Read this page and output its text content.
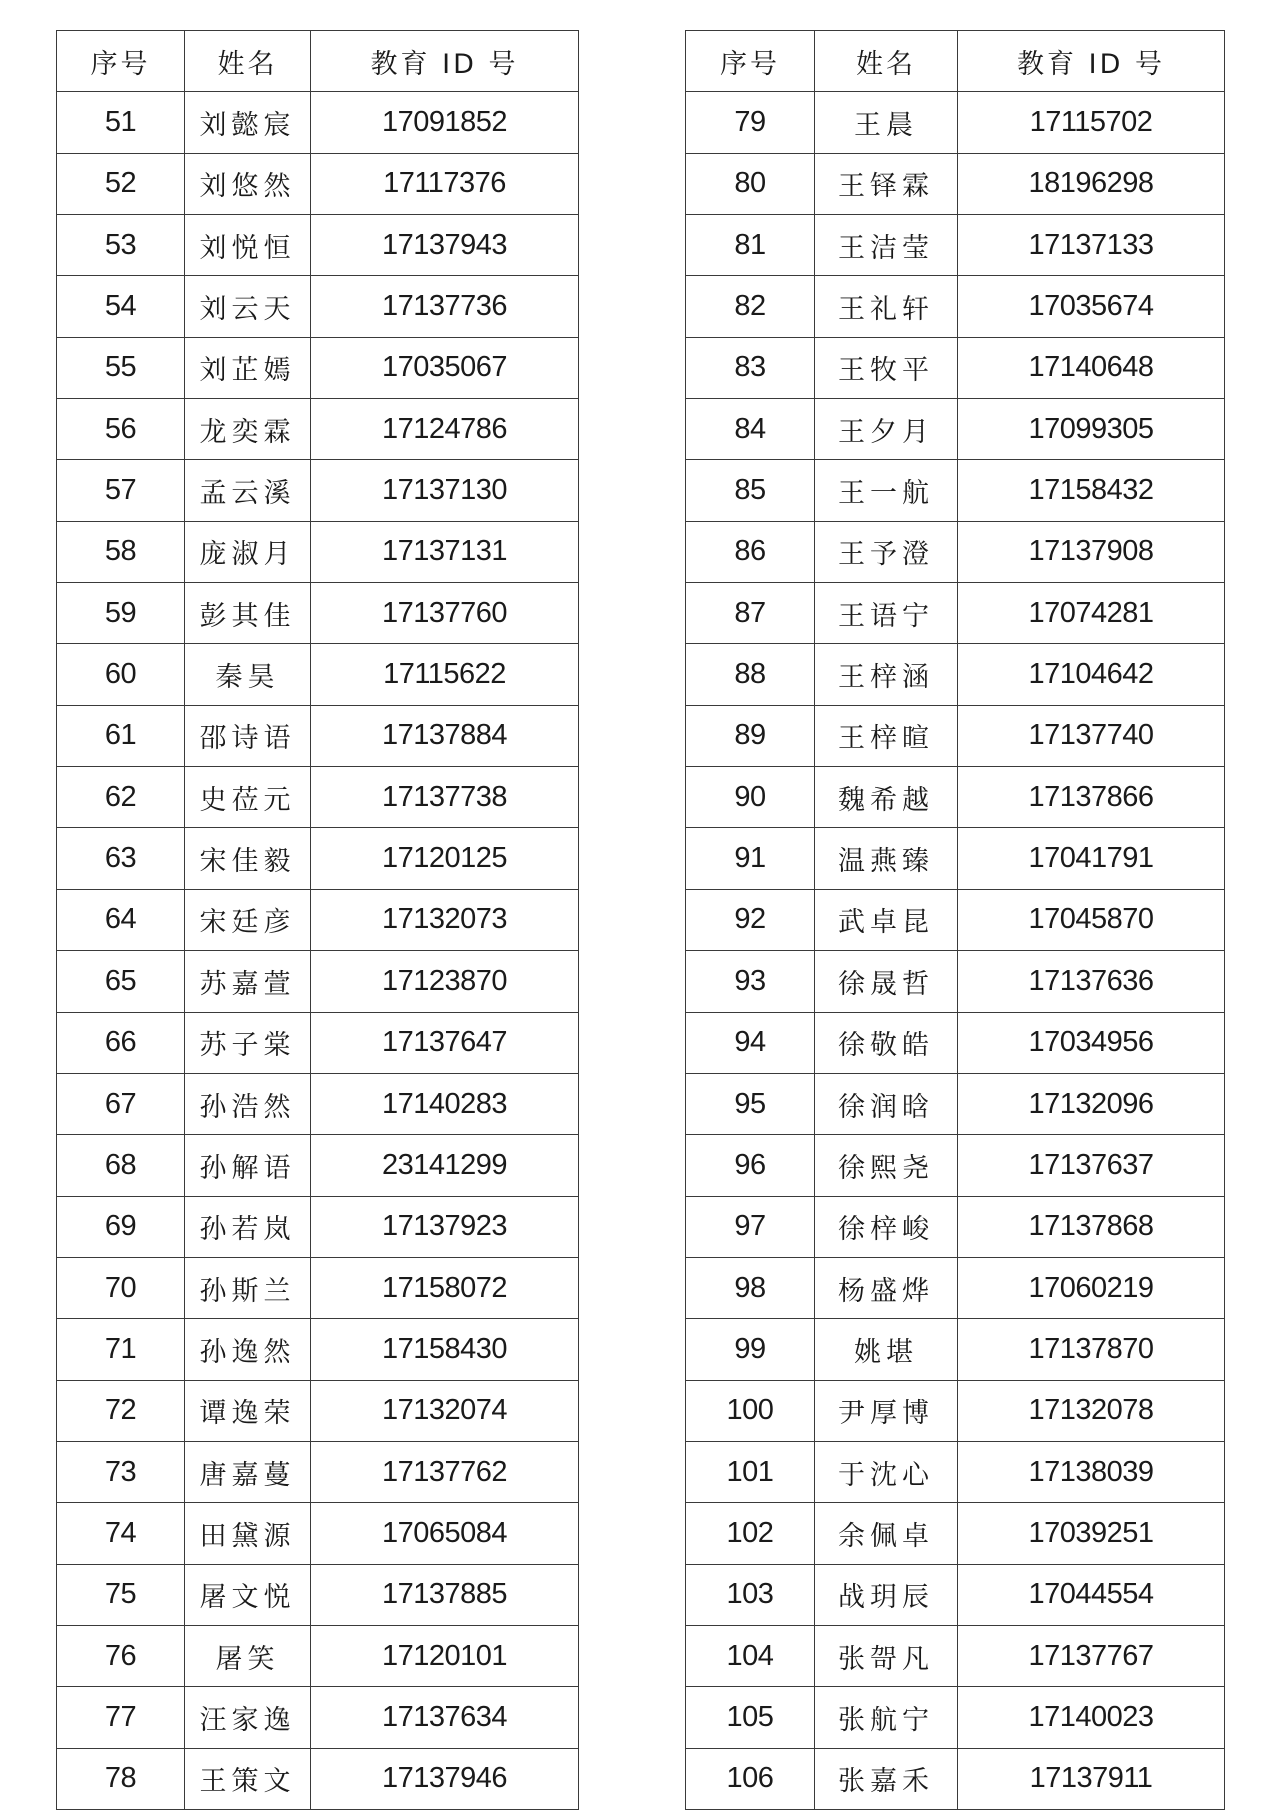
序号	姓名	教育 ID 号
51	刘懿宸	17091852
52	刘悠然	17117376
53	刘悦恒	17137943
54	刘云天	17137736
55	刘芷嫣	17035067
56	龙奕霖	17124786
57	孟云溪	17137130
58	庞淑月	17137131
59	彭其佳	17137760
60	秦昊	17115622
61	邵诗语	17137884
62	史莅元	17137738
63	宋佳毅	17120125
64	宋廷彦	17132073
65	苏嘉萱	17123870
66	苏子棠	17137647
67	孙浩然	17140283
68	孙解语	23141299
69	孙若岚	17137923
70	孙斯兰	17158072
71	孙逸然	17158430
72	谭逸荣	17132074
73	唐嘉蔓	17137762
74	田黛源	17065084
75	屠文悦	17137885
76	屠笑	17120101
77	汪家逸	17137634
78	王策文	17137946
序号	姓名	教育 ID 号
79	王晨	17115702
80	王铎霖	18196298
81	王洁莹	17137133
82	王礼轩	17035674
83	王牧平	17140648
84	王夕月	17099305
85	王一航	17158432
86	王予澄	17137908
87	王语宁	17074281
88	王梓涵	17104642
89	王梓暄	17137740
90	魏希越	17137866
91	温燕臻	17041791
92	武卓昆	17045870
93	徐晟哲	17137636
94	徐敬皓	17034956
95	徐润晗	17132096
96	徐熙尧	17137637
97	徐梓峻	17137868
98	杨盛烨	17060219
99	姚堪	17137870
100	尹厚博	17132078
101	于沈心	17138039
102	余佩卓	17039251
103	战玥辰	17044554
104	张哿凡	17137767
105	张航宁	17140023
106	张嘉禾	17137911
